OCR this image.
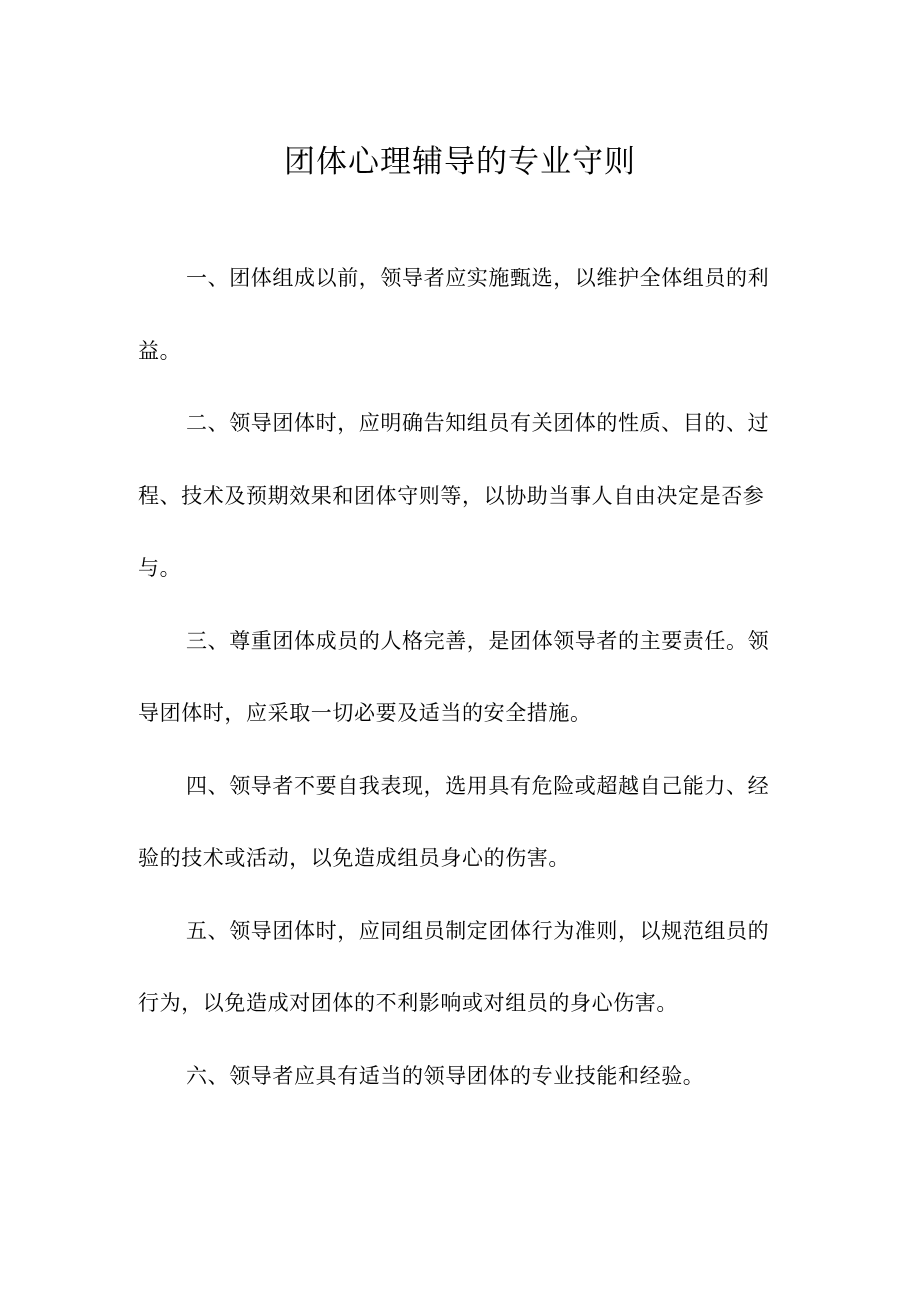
团体心理辅导的专业守则

一、团体组成以前，领导者应实施甄选，以维护全体组员的利益。

二、领导团体时，应明确告知组员有关团体的性质、目的、过程、技术及预期效果和团体守则等，以协助当事人自由决定是否参与。

三、尊重团体成员的人格完善，是团体领导者的主要责任。领导团体时，应采取一切必要及适当的安全措施。

四、领导者不要自我表现，选用具有危险或超越自己能力、经验的技术或活动，以免造成组员身心的伤害。

五、领导团体时，应同组员制定团体行为准则，以规范组员的行为，以免造成对团体的不利影响或对组员的身心伤害。

六、领导者应具有适当的领导团体的专业技能和经验。
